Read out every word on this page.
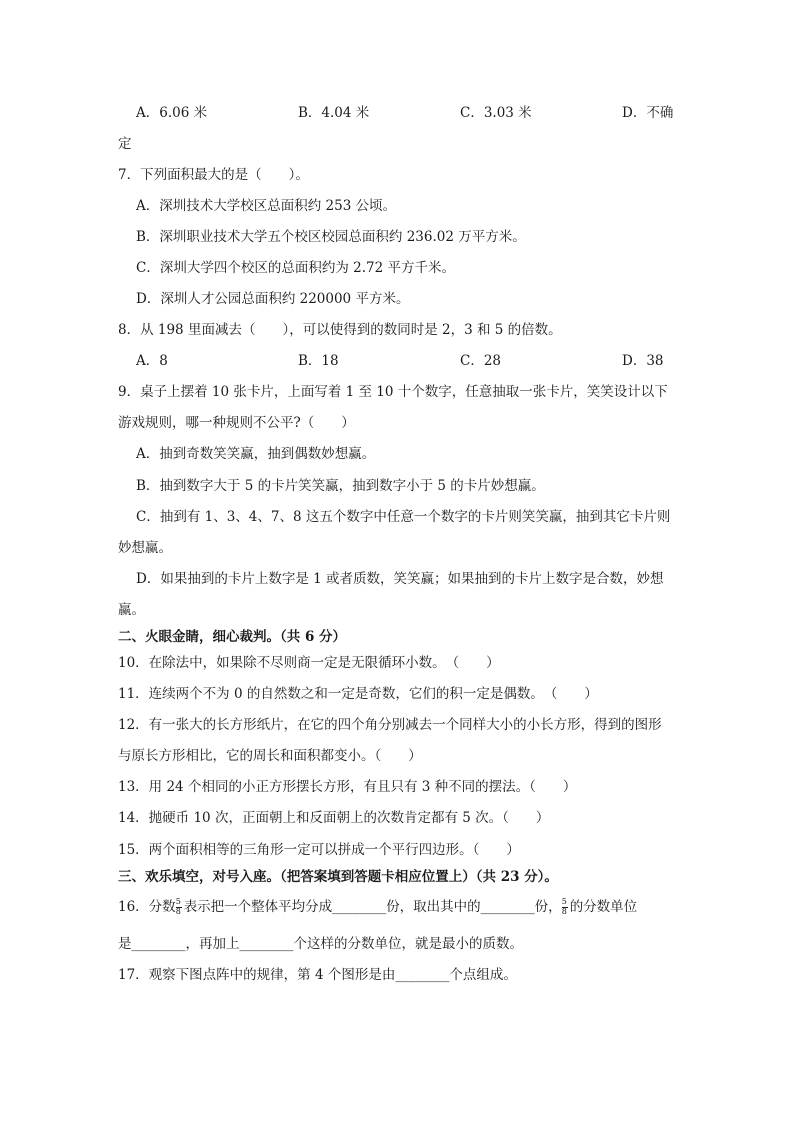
A．6.06 米	B．4.04 米	C．3.03 米	D．不确
定
7．下列面积最大的是（　　）。
A．深圳技术大学校区总面积约 253 公顷。
B．深圳职业技术大学五个校区校园总面积约 236.02 万平方米。
C．深圳大学四个校区的总面积约为 2.72 平方千米。
D．深圳人才公园总面积约 220000 平方米。
8．从 198 里面减去（　　），可以使得到的数同时是 2，3 和 5 的倍数。
A．8	B．18	C．28	D．38
9．桌子上摆着 10 张卡片，上面写着 1 至 10 十个数字，任意抽取一张卡片，笑笑设计以下
游戏规则，哪一种规则不公平?（　　）
A．抽到奇数笑笑赢，抽到偶数妙想赢。
B．抽到数字大于 5 的卡片笑笑赢，抽到数字小于 5 的卡片妙想赢。
C．抽到有 1、3、4、7、8 这五个数字中任意一个数字的卡片则笑笑赢，抽到其它卡片则
妙想赢。
D．如果抽到的卡片上数字是 1 或者质数，笑笑赢；如果抽到的卡片上数字是合数，妙想
赢。
二、火眼金睛，细心裁判。（共 6 分）
10．在除法中，如果除不尽则商一定是无限循环小数。　（　　）
11．连续两个不为 0 的自然数之和一定是奇数，它们的积一定是偶数。　（　　）
12．有一张大的长方形纸片，在它的四个角分别减去一个同样大小的小长方形，得到的图形
与原长方形相比，它的周长和面积都变小。（　　）
13．用 24 个相同的小正方形摆长方形，有且只有 3 种不同的摆法。（　　）
14．抛硬币 10 次，正面朝上和反面朝上的次数肯定都有 5 次。（　　）
15．两个面积相等的三角形一定可以拼成一个平行四边形。（　　）
三、欢乐填空，对号入座。（把答案填到答题卡相应位置上）（共 23 分）。
16．分数 $\frac{5}{8}$ 表示把一个整体平均分成________份，取出其中的________份， $\frac{5}{8}$ 的分数单位
是________，再加上________个这样的分数单位，就是最小的质数。
17．观察下图点阵中的规律，第 4 个图形是由________个点组成。
